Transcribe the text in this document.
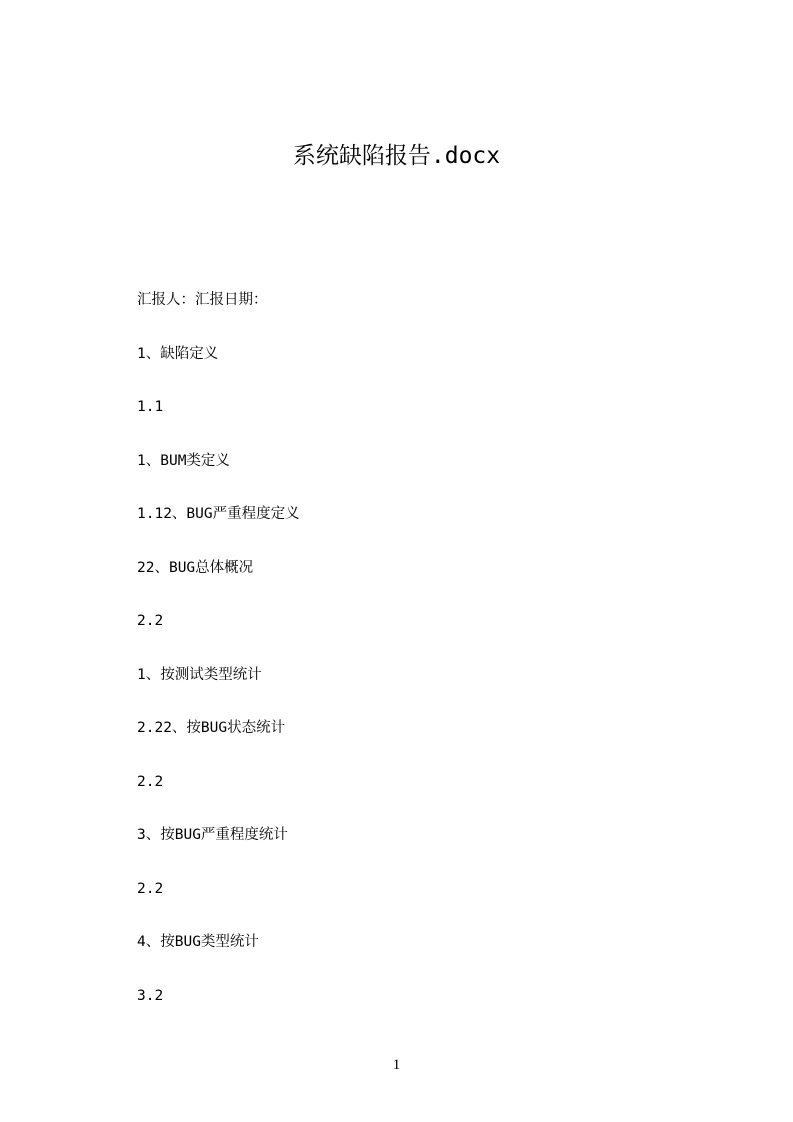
系统缺陷报告.docx
汇报人：汇报日期：
1、缺陷定义
1.1
1、BUM类定义
1.12、BUG严重程度定义
22、BUG总体概况
2.2
1、按测试类型统计
2.22、按BUG状态统计
2.2
3、按BUG严重程度统计
2.2
4、按BUG类型统计
3.2
1
